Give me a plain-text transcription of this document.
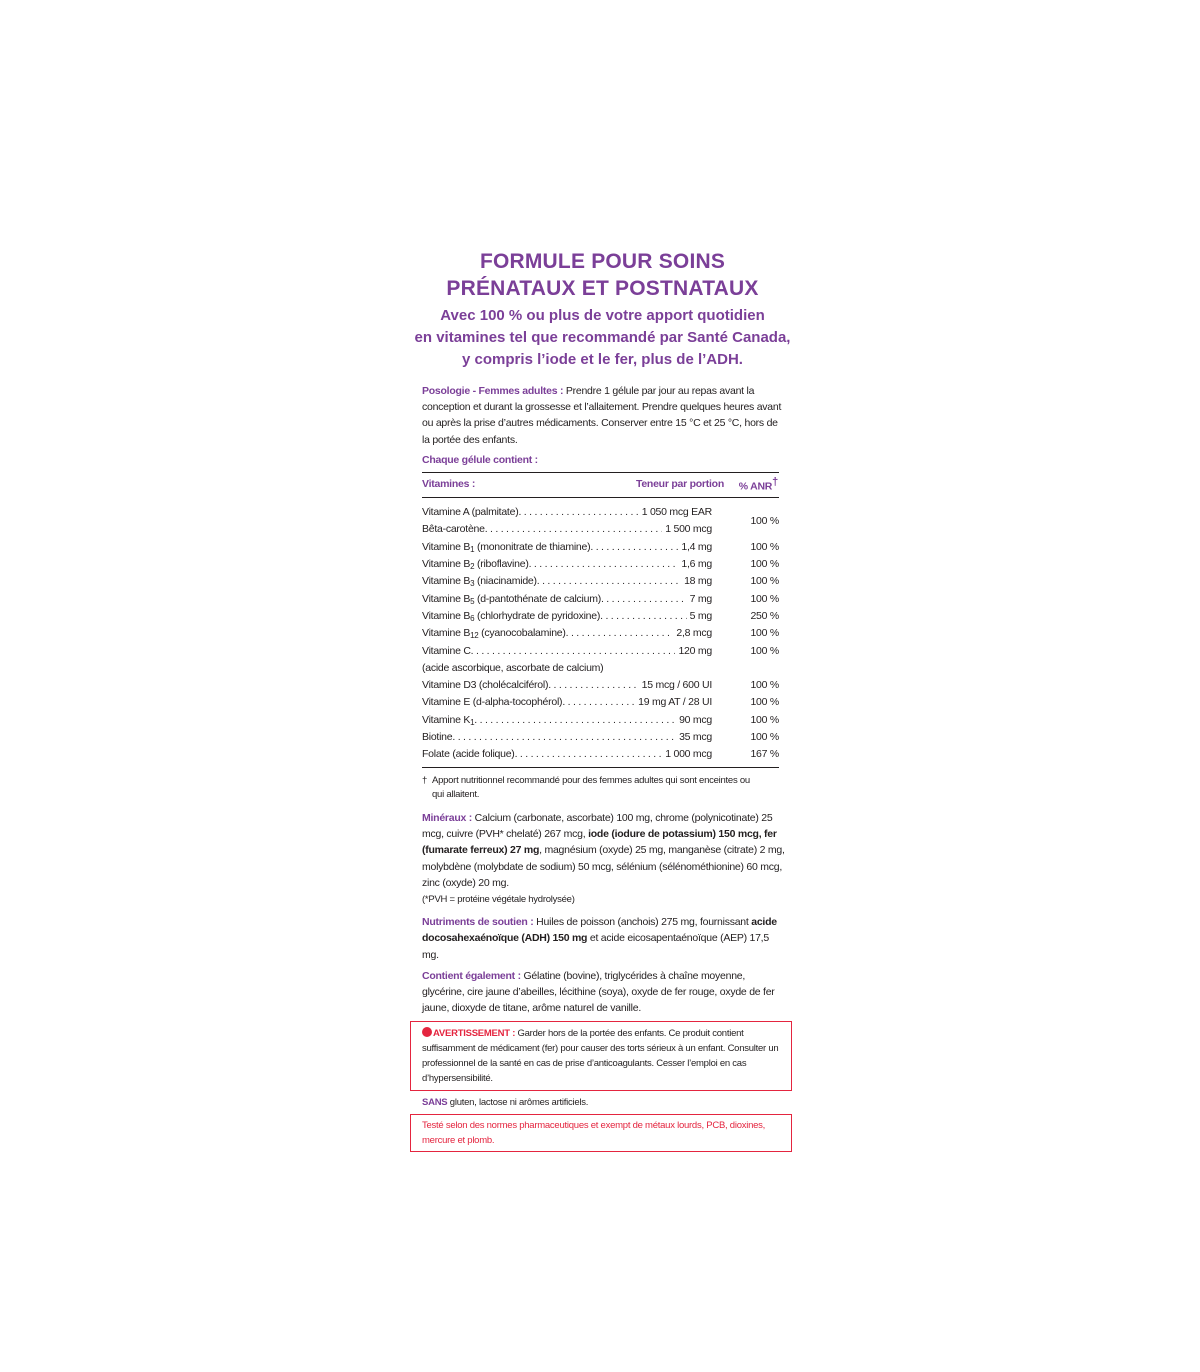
FORMULE POUR SOINS
PRÉNATAUX ET POSTNATAUX

Avec 100 % ou plus de votre apport quotidien
en vitamines tel que recommandé par Santé Canada,
y compris l’iode et le fer, plus de l’ADH.

Posologie - Femmes adultes : Prendre 1 gélule par jour au repas avant la conception et durant la grossesse et l’allaitement. Prendre quelques heures avant ou après la prise d’autres médicaments. Conserver entre 15 °C et 25 °C, hors de la portée des enfants.

Chaque gélule contient :

Vitamines :	Teneur par portion	% ANR†

Vitamine A (palmitate) . . . 1 050 mcg EAR		100 %

Bêta-carotène . . . 1 500 mcg

Vitamine $B_1$ (mononitrate de thiamine) . . . 1,4 mg		100 %

Vitamine $B_2$ (riboflavine) . . . 1,6 mg		100 %

Vitamine $B_3$ (niacinamide) . . . 18 mg		100 %

Vitamine $B_5$ (d-pantothénate de calcium) . . . 7 mg		100 %

Vitamine $B_6$ (chlorhydrate de pyridoxine) . . . 5 mg		250 %

Vitamine $B_{12}$ (cyanocobalamine) . . . 2,8 mcg		100 %

Vitamine C . . . 120 mg		100 %
(acide ascorbique, ascorbate de calcium)		

Vitamine D3 (cholécalciférol) . . . 15 mcg / 600 UI		100 %

Vitamine E (d-alpha-tocophérol) . . . 19 mg AT / 28 UI		100 %

Vitamine $K_1$ . . . 90 mcg		100 %

Biotine . . . 35 mcg		100 %

Folate (acide folique) . . . 1 000 mcg		167 %
† Apport nutritionnel recommandé pour des femmes adultes qui sont enceintes ou
qui allaitent.

Minéraux : Calcium (carbonate, ascorbate) 100 mg, chrome (polynicotinate) 25 mcg, cuivre (PVH* chelaté) 267 mcg, iode (iodure de potassium) 150 mcg, fer (fumarate ferreux) 27 mg, magnésium (oxyde) 25 mg, manganèse (citrate) 2 mg, molybdène (molybdate de sodium) 50 mcg, sélénium (sélénométhionine) 60 mcg, zinc (oxyde) 20 mg.
(*PVH = protéine végétale hydrolysée)

Nutriments de soutien : Huiles de poisson (anchois) 275 mg, fournissant acide docosahexaénoïque (ADH) 150 mg et acide eicosapentaénoïque (AEP) 17,5 mg.

Contient également : Gélatine (bovine), triglycérides à chaîne moyenne, glycérine, cire jaune d’abeilles, lécithine (soya), oxyde de fer rouge, oxyde de fer jaune, dioxyde de titane, arôme naturel de vanille.

AVERTISSEMENT : Garder hors de la portée des enfants. Ce produit contient suffisamment de médicament (fer) pour causer des torts sérieux à un enfant. Consulter un professionnel de la santé en cas de prise d’anticoagulants. Cesser l’emploi en cas d’hypersensibilité.

SANS gluten, lactose ni arômes artificiels.

Testé selon des normes pharmaceutiques et exempt de métaux lourds, PCB, dioxines, mercure et plomb.
